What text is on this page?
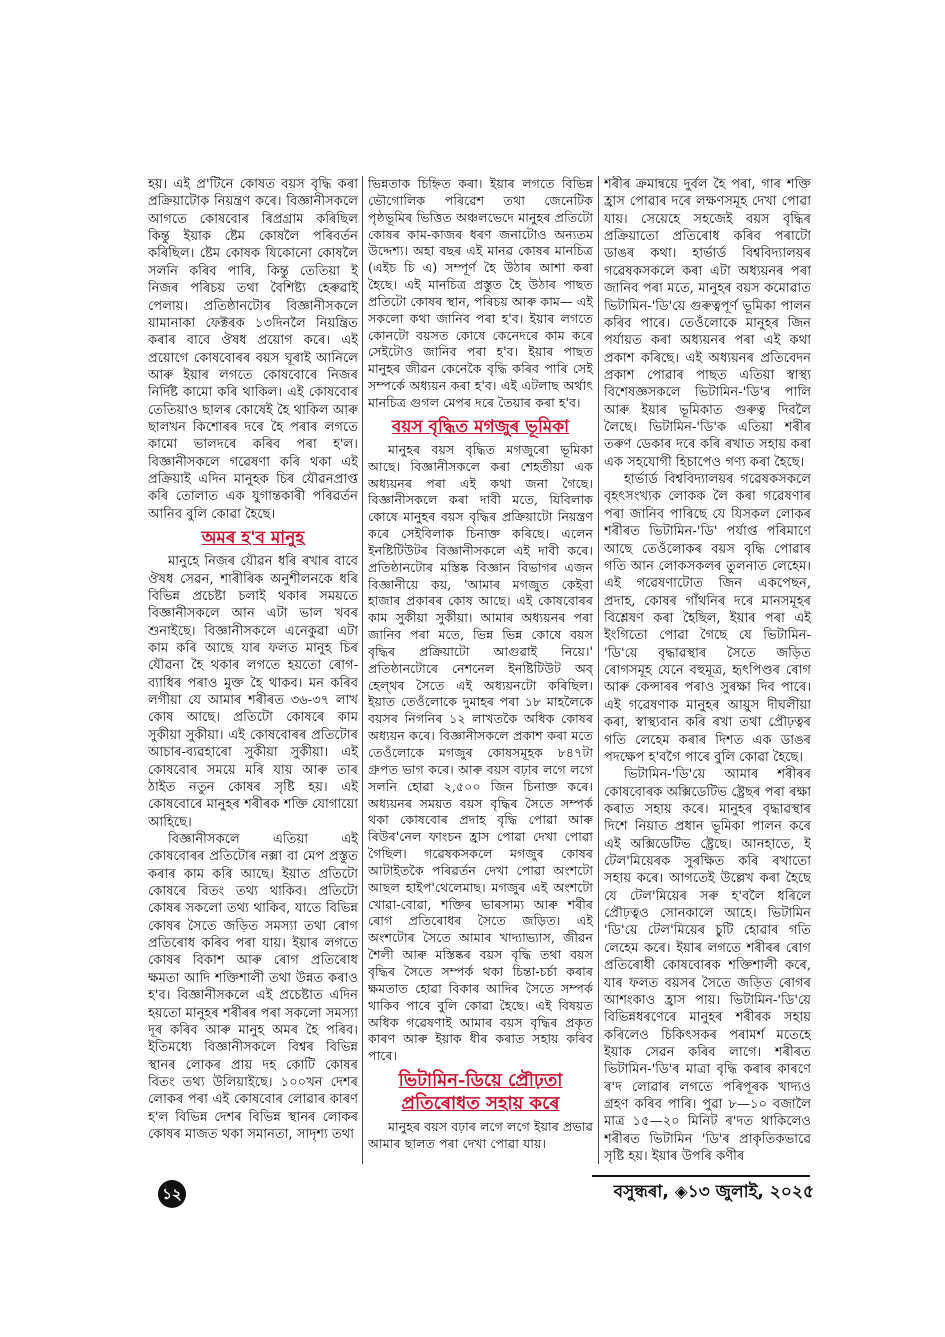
হয়। এই প্ৰ'টিনে কোষত বয়স বৃদ্ধি কৰা প্ৰক্ৰিয়াটোক নিয়ন্ত্ৰণ কৰে। বিজ্ঞানীসকলে আগতে কোষবোৰ ৰিপ্ৰগ্ৰাম কৰিছিল কিন্তু ইয়াক ষ্টেম কোষলৈ পৰিবৰ্তন কৰিছিল। ষ্টেম কোষক যিকোনো কোষলৈ সলনি কৰিব পাৰি, কিন্তু তেতিয়া ই নিজৰ পৰিচয় তথা বৈশিষ্ট্য হেৰুৱাই পেলায়। প্ৰতিষ্ঠানটোৰ বিজ্ঞানীসকলে য়ামানাকা ফেক্টৰক ১৩দিনলৈ নিয়ন্ত্ৰিত কৰাৰ বাবে ঔষধ প্ৰয়োগ কৰে। এই প্ৰয়োগে কোষবোৰৰ বয়স ঘূৰাই আনিলে আৰু ইয়াৰ লগতে কোষবোৰে নিজৰ নিৰ্দিষ্ট কামো কৰি থাকিল। এই কোষবোৰ তেতিয়াও ছালৰ কোষেই হৈ থাকিল আৰু ছালখন কিশোৰৰ দৰে হৈ পৰাৰ লগতে কামো ভালদৰে কৰিব পৰা হ'ল। বিজ্ঞানীসকলে গৱেষণা কৰি থকা এই প্ৰক্ৰিয়াই এদিন মানুহক চিৰ যৌৱনপ্ৰাপ্ত কৰি তোলাত এক যুগান্তকাৰী পৰিৱৰ্তন আনিব বুলি কোৱা হৈছে।

অমৰ হ'ব মানুহ

মানুহে নিজৰ যৌৱন ধৰি ৰখাৰ বাবে ঔষধ সেৱন, শাৰীৰিক অনুশীলনকে ধৰি বিভিন্ন প্ৰচেষ্টা চলাই থকাৰ সময়তে বিজ্ঞানীসকলে আন এটা ভাল খবৰ শুনাইছে। বিজ্ঞানীসকলে এনেকুৱা এটা কাম কৰি আছে যাৰ ফলত মানুহ চিৰ যৌৱনা হৈ থকাৰ লগতে হয়তো ৰোগ-ব্যাধিৰ পৰাও মুক্ত হৈ থাকব। মন কৰিব লগীয়া যে আমাৰ শৰীৰত ৩৬-৩৭ লাখ কোষ আছে। প্ৰতিটো কোষৰে কাম সুকীয়া সুকীয়া। এই কোষবোৰৰ প্ৰতিটোৰ আচাৰ-ব্যৱহাৰো সুকীয়া সুকীয়া। এই কোষবোৰ সময়ে মৰি যায় আৰু তাৰ ঠাইত নতুন কোষৰ সৃষ্টি হয়। এই কোষবোৰে মানুহৰ শৰীৰক শক্তি যোগায়ো আহিছে।

বিজ্ঞানীসকলে এতিয়া এই কোষবোৰৰ প্ৰতিটোৰ নক্সা বা মেপ প্ৰস্তুত কৰাৰ কাম কৰি আছে। ইয়াত প্ৰতিটো কোষৰে বিতং তথ্য থাকিব। প্ৰতিটো কোষৰ সকলো তথ্য থাকিব, যাতে বিভিন্ন কোষৰ সৈতে জড়িত সমস্যা তথা ৰোগ প্ৰতিৰোধ কৰিব পৰা যায়। ইয়াৰ লগতে কোষৰ বিকাশ আৰু ৰোগ প্ৰতিৰোধ ক্ষমতা আদি শক্তিশালী তথা উন্নত কৰাও হ'ব। বিজ্ঞানীসকলে এই প্ৰচেষ্টাত এদিন হয়তো মানুহৰ শৰীৰৰ পৰা সকলো সমস্যা দূৰ কৰিব আৰু মানুহ অমৰ হৈ পৰিব। ইতিমধ্যে বিজ্ঞানীসকলে বিশ্বৰ বিভিন্ন স্থানৰ লোকৰ প্ৰায় দহ কোটি কোষৰ বিতং তথ্য উলিয়াইছে। ১০০খন দেশৰ লোকৰ পৰা এই কোষবোৰ লোৱাৰ কাৰণ হ'ল বিভিন্ন দেশৰ বিভিন্ন স্থানৰ লোকৰ কোষৰ মাজত থকা সমানতা, সাদৃশ্য তথা

ভিন্নতাক চিহ্নিত কৰা। ইয়াৰ লগতে বিভিন্ন ভৌগোলিক পৰিৱেশ তথা জেনেটিক পৃষ্ঠভূমিৰ ভিত্তিত অঞ্চলভেদে মানুহৰ প্ৰতিটো কোষৰ কাম-কাজৰ ধৰণ জনাটোও অন্যতম উদ্দেশ্য। অহা বছৰ এই মানৱ কোষৰ মানচিত্ৰ (এইচ চি এ) সম্পূৰ্ণ হৈ উঠাৰ আশা কৰা হৈছে। এই মানচিত্ৰ প্ৰস্তুত হৈ উঠাৰ পাছত প্ৰতিটো কোষৰ স্থান, পৰিচয় আৰু কাম— এই সকলো কথা জানিব পৰা হ'ব। ইয়াৰ লগতে কোনটো বয়সত কোষে কেনেদৰে কাম কৰে সেইটোও জানিব পৰা হ'ব। ইয়াৰ পাছত মানুহৰ জীৱন কেনেকৈ বৃদ্ধি কৰিব পাৰি সেই সম্পৰ্কে অধ্যয়ন কৰা হ'ব। এই এটলাছ অৰ্থাৎ মানচিত্ৰ গুগল মেপৰ দৰে তৈয়াৰ কৰা হ'ব।

বয়স বৃদ্ধিত মগজুৰ ভূমিকা

মানুহৰ বয়স বৃদ্ধিত মগজুৰো ভূমিকা আছে। বিজ্ঞানীসকলে কৰা শেহতীয়া এক অধ্যয়নৰ পৰা এই কথা জনা গৈছে। বিজ্ঞানীসকলে কৰা দাবী মতে, যিবিলাক কোষে মানুহৰ বয়স বৃদ্ধিৰ প্ৰক্ৰিয়াটো নিয়ন্ত্ৰণ কৰে সেইবিলাক চিনাক্ত কৰিছে। এলেন ইনষ্টিটিউটৰ বিজ্ঞানীসকলে এই দাবী কৰে। প্ৰতিষ্ঠানটোৰ মস্তিষ্ক বিজ্ঞান বিভাগৰ এজন বিজ্ঞানীয়ে কয়, 'আমাৰ মগজুত কেইবা হাজাৰ প্ৰকাৰৰ কোষ আছে। এই কোষবোৰৰ কাম সুকীয়া সুকীয়া। আমাৰ অধ্যয়নৰ পৰা জানিব পৰা মতে, ভিন্ন ভিন্ন কোষে বয়স বৃদ্ধিৰ প্ৰক্ৰিয়াটো আগুৱাই নিয়ে।' প্ৰতিষ্ঠানটোৰে নেশনেল ইনষ্টিটিউট অব্ হেল্থৰ সৈতে এই অধ্যয়নটো কৰিছিল। ইয়াত তেওঁলোকে দুমাহৰ পৰা ১৮ মাহলৈকে বয়সৰ নিগনিৰ ১২ লাখতকৈ অধিক কোষৰ অধ্যয়ন কৰে। বিজ্ঞানীসকলে প্ৰকাশ কৰা মতে তেওঁলোকে মগজুৰ কোষসমূহক ৮৪৭টা গ্ৰুপত ভাগ কৰে। আৰু বয়স বঢ়াৰ লগে লগে সলনি হোৱা ২,৫০০ জিন চিনাক্ত কৰে। অধ্যয়নৰ সময়ত বয়স বৃদ্ধিৰ সৈতে সম্পৰ্ক থকা কোষবোৰ প্ৰদাহ বৃদ্ধি পোৱা আৰু ৰিউৰ'নেল ফাংচন হ্ৰাস পোৱা দেখা পোৱা গৈছিল। গৱেষকসকলে মগজুৰ কোষৰ আটাইতকৈ পৰিৱৰ্তন দেখা পোৱা অংশটো আছল হাইপ'থেলেমাছ। মগজুৰ এই অংশটো খোৱা-বোৱা, শক্তিৰ ভাৰসাম্য আৰু শৰীৰ ৰোগ প্ৰতিৰোধৰ সৈতে জড়িত। এই অংশটোৰ সৈতে আমাৰ খাদ্যাভ্যাস, জীৱন শৈলী আৰু মস্তিষ্কৰ বয়স বৃদ্ধি তথা বয়স বৃদ্ধিৰ সৈতে সম্পৰ্ক থকা চিন্তা-চৰ্চা কৰাৰ ক্ষমতাত হোৱা বিকাৰ আদিৰ সৈতে সম্পৰ্ক থাকিব পাৰে বুলি কোৱা হৈছে। এই বিষয়ত অধিক গৱেষণাই আমাৰ বয়স বৃদ্ধিৰ প্ৰকৃত কাৰণ আৰু ইয়াক ধীৰ কৰাত সহায় কৰিব পাৰে।

ভিটামিন-ডিয়ে প্ৰৌঢ়তা
প্ৰতিৰোধত সহায় কৰে

মানুহৰ বয়স বঢ়াৰ লগে লগে ইয়াৰ প্ৰভাৱ আমাৰ ছালত পৰা দেখা পোৱা যায়।

শৰীৰ ক্ৰমান্বয়ে দুৰ্বল হৈ পৰা, গাৰ শক্তি হ্ৰাস পোৱাৰ দৰে লক্ষণসমূহ দেখা পোৱা যায়। সেয়েহে সহজেই বয়স বৃদ্ধিৰ প্ৰক্ৰিয়াতো প্ৰতিৰোধ কৰিব পৰাটো ডাঙৰ কথা। হাৰ্ভাৰ্ড বিশ্ববিদ্যালয়ৰ গৱেষকসকলে কৰা এটা অধ্যয়নৰ পৰা জানিব পৰা মতে, মানুহৰ বয়স কমোৱাত ভিটামিন-'ডি'য়ে গুৰুত্বপূৰ্ণ ভূমিকা পালন কৰিব পাৰে। তেওঁলোকে মানুহৰ জিন পৰ্যায়ত কৰা অধ্যয়নৰ পৰা এই কথা প্ৰকাশ কৰিছে। এই অধ্যয়নৰ প্ৰতিবেদন প্ৰকাশ পোৱাৰ পাছত এতিয়া স্বাস্থ্য বিশেষজ্ঞসকলে ভিটামিন-'ডি'ৰ পালি আৰু ইয়াৰ ভূমিকাত গুৰুত্ব দিবলৈ লৈছে। ভিটামিন-'ডি'ক এতিয়া শৰীৰ তৰুণ ডেকাৰ দৰে কৰি ৰখাত সহায় কৰা এক সহযোগী হিচাপেও গণ্য কৰা হৈছে।

হাৰ্ভাৰ্ড বিশ্ববিদ্যালয়ৰ গৱেষকসকলে বৃহৎসংখ্যক লোকক লৈ কৰা গৱেষণাৰ পৰা জানিব পাৰিছে যে যিসকল লোকৰ শৰীৰত ভিটামিন-'ডি' পৰ্যাপ্ত পৰিমাণে আছে তেওঁলোকৰ বয়স বৃদ্ধি পোৱাৰ গতি আন লোকসকলৰ তুলনাত লেহেম। এই গৱেষণাটোত জিন একপেছন, প্ৰদাহ, কোষৰ গাঁথনিৰ দৰে মানসমূহৰ বিশ্লেষণ কৰা হৈছিল, ইয়াৰ পৰা এই ইংগিতো পোৱা গৈছে যে ভিটামিন-'ডি'য়ে বৃদ্ধাৱস্থাৰ সৈতে জড়িত ৰোগসমূহ যেনে বহুমূত্ৰ, হৃৎপিণ্ডৰ ৰোগ আৰু কেন্সাৰৰ পৰাও সুৰক্ষা দিব পাৰে। এই গৱেষণাক মানুহৰ আয়ুস দীঘলীয়া কৰা, স্বাস্থ্যবান কৰি ৰখা তথা প্ৰৌঢ়ত্বৰ গতি লেহেম কৰাৰ দিশত এক ডাঙৰ পদক্ষেপ হ'বগৈ পাৰে বুলি কোৱা হৈছে।

ভিটামিন-'ডি'য়ে আমাৰ শৰীৰৰ কোষবোৰক অক্সিডেটিভ ষ্ট্ৰেছৰ পৰা ৰক্ষা কৰাত সহায় কৰে। মানুহৰ বৃদ্ধাৱস্থাৰ দিশে নিয়াত প্ৰধান ভূমিকা পালন কৰে এই অক্সিডেটিভ ষ্ট্ৰেছে। আনহাতে, ই টেল'মিয়েৰক সুৰক্ষিত কৰি ৰখাতো সহায় কৰে। আগতেই উল্লেখ কৰা হৈছে যে টেল'মিয়েৰ সৰু হ'বলৈ ধৰিলে প্ৰৌঢ়ত্বও সোনকালে আহে। ভিটামিন 'ডি'য়ে টেল'মিয়েৰ চুটি হোৱাৰ গতি লেহেম কৰে। ইয়াৰ লগতে শৰীৰৰ ৰোগ প্ৰতিৰোধী কোষবোৰক শক্তিশালী কৰে, যাৰ ফলত বয়সৰ সৈতে জড়িত ৰোগৰ আশংকাও হ্ৰাস পায়। ভিটামিন-'ডি'য়ে বিভিন্নধৰণেৰে মানুহৰ শৰীৰক সহায় কৰিলেও চিকিৎসকৰ পৰামৰ্শ মতেহে ইয়াক সেৱন কৰিব লাগে। শৰীৰত ভিটামিন-'ডি'ৰ মাত্ৰা বৃদ্ধি কৰাৰ কাৰণে ৰ'দ লোৱাৰ লগতে পৰিপূৰক খাদ্যও গ্ৰহণ কৰিব পাৰি। পুৱা ৮—১০ বজালৈ মাত্ৰ ১৫—২০ মিনিট ৰ'দত থাকিলেও শৰীৰত ভিটামিন 'ডি'ৰ প্ৰাকৃতিকভাৱে সৃষ্টি হয়। ইয়াৰ উপৰি কণীৰ

১২	বসুন্ধৰা, ◈১৩ জুলাই, ২০২৫
